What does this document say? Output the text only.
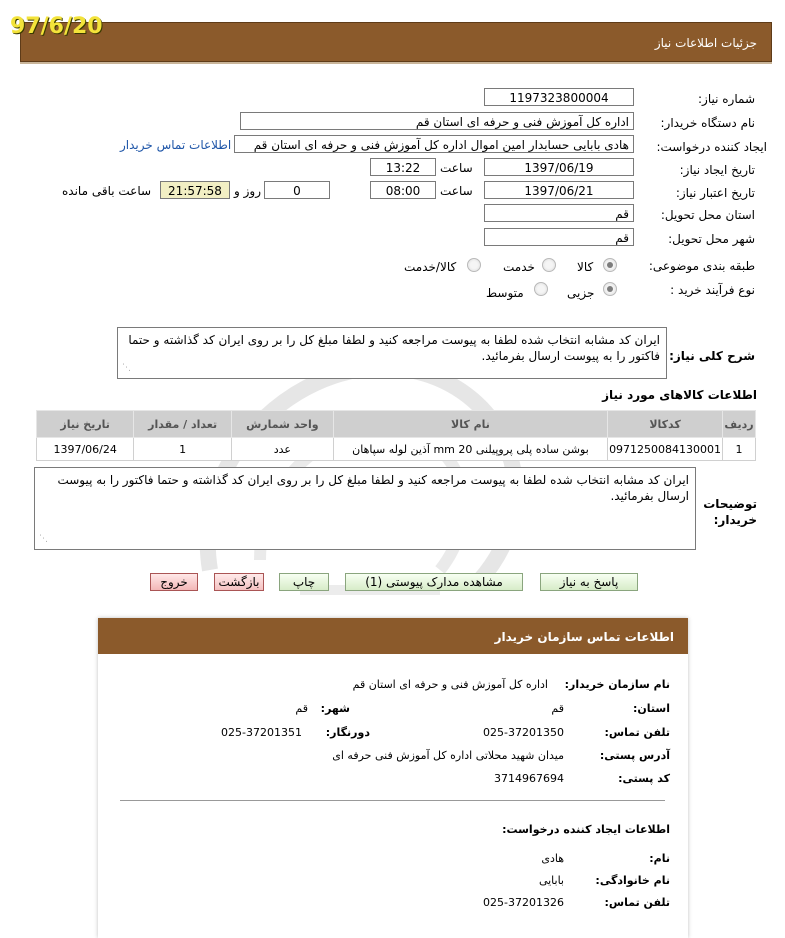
97/6/20
جزئیات اطلاعات نیاز
شماره نیاز:
1197323800004
نام دستگاه خریدار:
اداره کل آموزش فنی و حرفه ای استان قم
ایجاد کننده درخواست:
هادی بابایی حسابدار امین اموال اداره کل آموزش فنی و حرفه ای استان قم
اطلاعات تماس خریدار
تاریخ ایجاد نیاز:
1397/06/19
ساعت
13:22
تاریخ اعتبار نیاز:
1397/06/21
ساعت
08:00
0
روز و
21:57:58
ساعت باقی مانده
استان محل تحویل:
قم
شهر محل تحویل:
قم
طبقه بندی موضوعی:
کالا
خدمت
کالا/خدمت
نوع فرآیند خرید :
جزیی
متوسط
شرح کلی نیاز:
ایران کد مشابه انتخاب شده لطفا به پیوست مراجعه کنید و لطفا مبلغ کل را بر روی ایران کد گذاشته و حتما فاکتور را به پیوست ارسال بفرمائید.
⋰
اطلاعات کالاهای مورد نیاز
ردیف	کدکالا	نام کالا	واحد شمارش	تعداد / مقدار	تاریخ نیاز
1	0971250084130001	بوشن ساده پلی پروپیلنی 20 mm آذین لوله سپاهان	عدد	1	1397/06/24
توضیحات خریدار:
ایران کد مشابه انتخاب شده لطفا به پیوست مراجعه کنید و لطفا مبلغ کل را بر روی ایران کد گذاشته و حتما فاکتور را به پیوست ارسال بفرمائید.
⋰
پاسخ به نیاز
مشاهده مدارک پیوستی (1)
چاپ
بازگشت
خروج
اطلاعات تماس سازمان خریدار
نام سازمان خریدار:
اداره کل آموزش فنی و حرفه ای استان قم
استان:
قم
شهر:
قم
تلفن تماس:
025-37201350
دورنگار:
025-37201351
آدرس پستی:
میدان شهید محلاتی اداره کل آموزش فنی حرفه ای
کد پستی:
3714967694
اطلاعات ایجاد کننده درخواست:
نام:
هادی
نام خانوادگی:
بابایی
تلفن تماس:
025-37201326
